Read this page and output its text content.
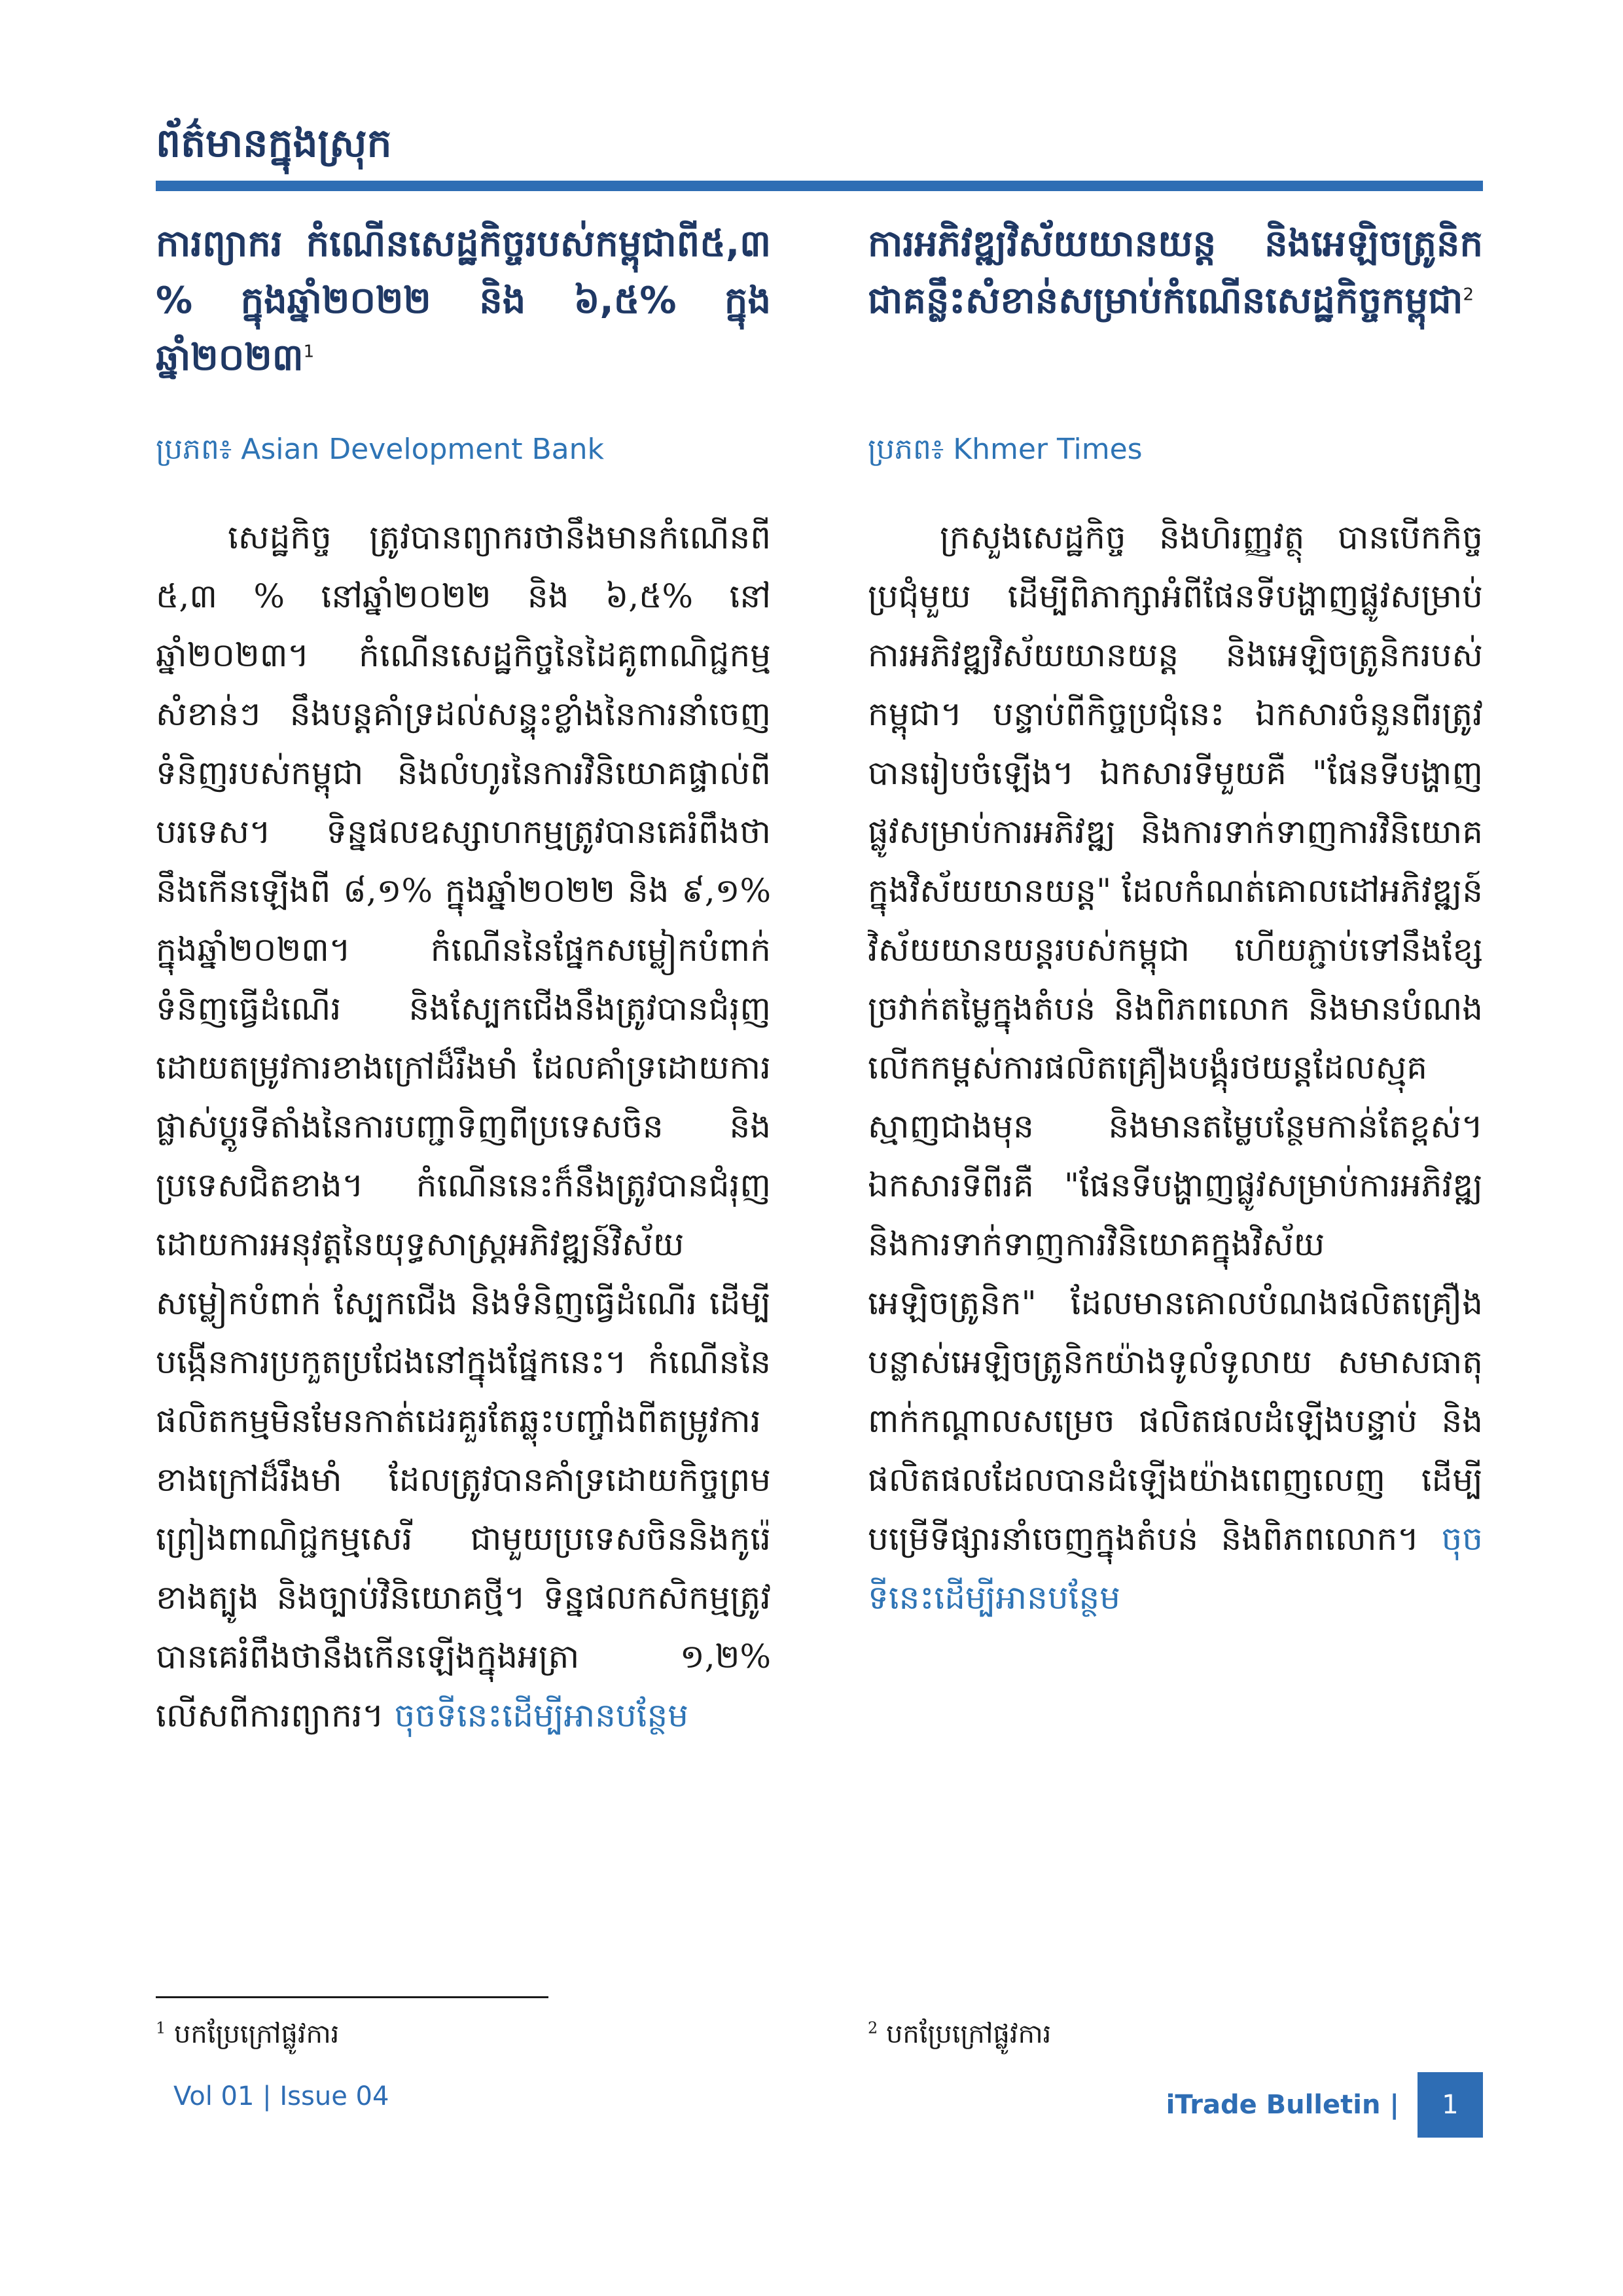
ព័ត៌មានក្នុងស្រុក
ការព្យាករ កំណើនសេដ្ឋកិច្ចរបស់កម្ពុជាពី៥,៣ % ក្នុងឆ្នាំ២០២២ និង ៦,៥% ក្នុងឆ្នាំ២០២៣$^1$

ប្រភព៖ Asian Development Bank

សេដ្ឋកិច្ច ត្រូវបានព្យាករថានឹងមានកំណើនពី ៥,៣ % នៅឆ្នាំ២០២២ និង ៦,៥% នៅឆ្នាំ២០២៣។ កំណើនសេដ្ឋកិច្ចនៃដៃគូពាណិជ្ជកម្មសំខាន់ៗ នឹងបន្តគាំទ្រដល់សន្ទុះខ្លាំងនៃការនាំចេញទំនិញរបស់កម្ពុជា និងលំហូរនៃការវិនិយោគផ្ទាល់ពីបរទេស។ ទិន្នផលឧស្សាហកម្មត្រូវបានគេរំពឹងថានឹងកើនឡើងពី ៨,១% ក្នុងឆ្នាំ២០២២ និង ៩,១% ក្នុងឆ្នាំ២០២៣។ កំណើននៃផ្នែកសម្លៀកបំពាក់ ទំនិញធ្វើដំណើរ និងស្បែកជើងនឹងត្រូវបានជំរុញដោយតម្រូវការខាងក្រៅដ៏រឹងមាំ ដែលគាំទ្រដោយការផ្លាស់ប្តូរទីតាំងនៃការបញ្ជាទិញពីប្រទេសចិន និងប្រទេសជិតខាង។ កំណើននេះក៏នឹងត្រូវបានជំរុញដោយការអនុវត្តនៃយុទ្ធសាស្ត្រអភិវឌ្ឍន៍វិស័យសម្លៀកបំពាក់ ស្បែកជើង និងទំនិញធ្វើដំណើរ ដើម្បីបង្កើនការប្រកួតប្រជែងនៅក្នុងផ្នែកនេះ។ កំណើននៃផលិតកម្មមិនមែនកាត់ដេរគួរតែឆ្លុះបញ្ចាំងពីតម្រូវការខាងក្រៅដ៏រឹងមាំ ដែលត្រូវបានគាំទ្រដោយកិច្ចព្រមព្រៀងពាណិជ្ជកម្មសេរី ជាមួយប្រទេសចិននិងកូរ៉េខាងត្បូង និងច្បាប់វិនិយោគថ្មី។ ទិន្នផលកសិកម្មត្រូវបានគេរំពឹងថានឹងកើនឡើងក្នុងអត្រា ១,២% លើសពីការព្យាករ។ ចុចទីនេះដើម្បីអានបន្ថែម

ការអភិវឌ្ឍវិស័យយានយន្ត និងអេឡិចត្រូនិក ជាគន្លឹះសំខាន់សម្រាប់កំណើនសេដ្ឋកិច្ចកម្ពុជា$^2$

ប្រភព៖ Khmer Times

ក្រសួងសេដ្ឋកិច្ច និងហិរញ្ញវត្ថុ បានបើកកិច្ចប្រជុំមួយ ដើម្បីពិភាក្សាអំពីផែនទីបង្ហាញផ្លូវសម្រាប់ការអភិវឌ្ឍវិស័យយានយន្ត និងអេឡិចត្រូនិករបស់កម្ពុជា។ បន្ទាប់ពីកិច្ចប្រជុំនេះ ឯកសារចំនួនពីរត្រូវបានរៀបចំឡើង។ ឯកសារទីមួយគឺ "ផែនទីបង្ហាញផ្លូវសម្រាប់ការអភិវឌ្ឍ និងការទាក់ទាញការវិនិយោគក្នុងវិស័យយានយន្ត" ដែលកំណត់គោលដៅអភិវឌ្ឍន៍វិស័យយានយន្តរបស់កម្ពុជា ហើយភ្ជាប់ទៅនឹងខ្សែច្រវាក់តម្លៃក្នុងតំបន់ និងពិភពលោក និងមានបំណងលើកកម្ពស់ការផលិតគ្រឿងបង្គុំរថយន្តដែលស្មុគស្មាញជាងមុន និងមានតម្លៃបន្ថែមកាន់តែខ្ពស់។ ឯកសារទីពីរគឺ "ផែនទីបង្ហាញផ្លូវសម្រាប់ការអភិវឌ្ឍ និងការទាក់ទាញការវិនិយោគក្នុងវិស័យអេឡិចត្រូនិក" ដែលមានគោលបំណងផលិតគ្រឿងបន្លាស់អេឡិចត្រូនិកយ៉ាងទូលំទូលាយ សមាសធាតុពាក់កណ្តាលសម្រេច ផលិតផលដំឡើងបន្ទាប់ និងផលិតផលដែលបានដំឡើងយ៉ាងពេញលេញ ដើម្បីបម្រើទីផ្សារនាំចេញក្នុងតំបន់ និងពិភពលោក។ ចុចទីនេះដើម្បីអានបន្ថែម

$^1$ បកប្រែក្រៅផ្លូវការ	$^2$ បកប្រែក្រៅផ្លូវការ
Vol 01 | Issue 04	iTrade Bulletin |	1
